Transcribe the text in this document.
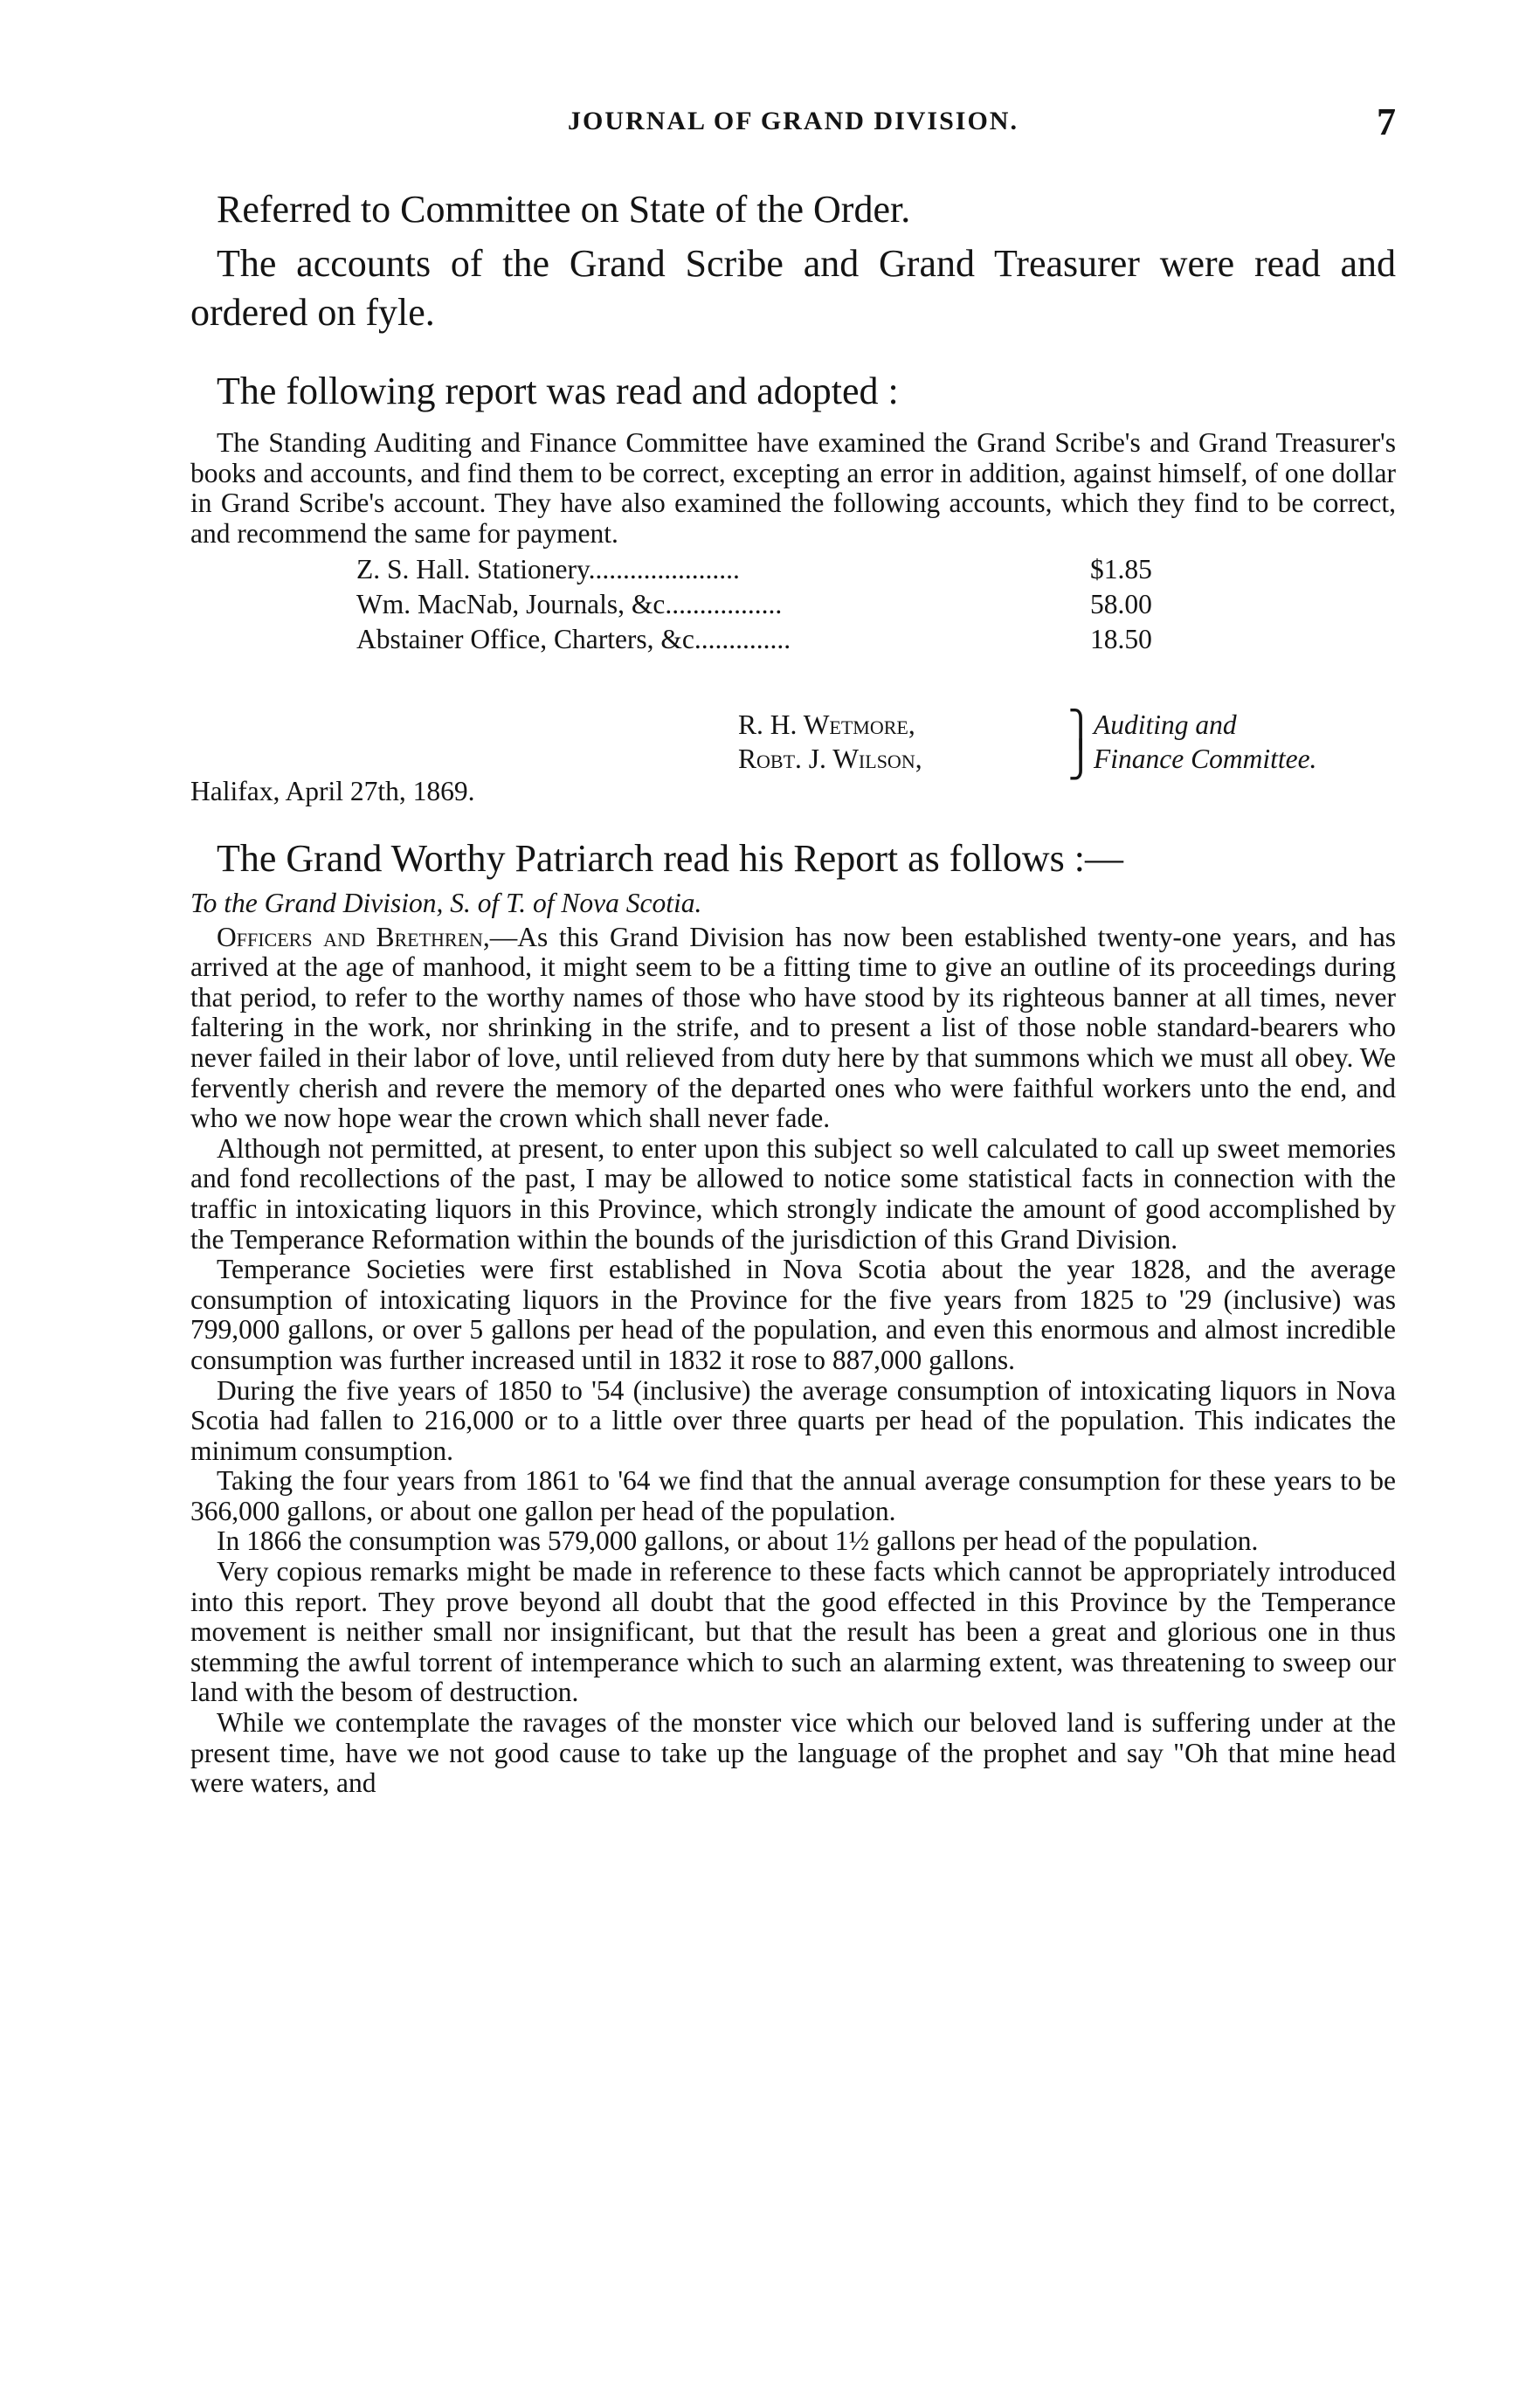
JOURNAL OF GRAND DIVISION.	7

Referred to Committee on State of the Order.

The accounts of the Grand Scribe and Grand Treasurer were read and ordered on fyle.

The following report was read and adopted :

The Standing Auditing and Finance Committee have examined the Grand Scribe's and Grand Treasurer's books and accounts, and find them to be correct, excepting an error in addition, against himself, of one dollar in Grand Scribe's account. They have also examined the following accounts, which they find to be correct, and recommend the same for payment.

Z. S. Hall. Stationery......................	$1.85
Wm. MacNab, Journals, &c.................	58.00
Abstainer Office, Charters, &c..............	18.50
R. H. Wetmore,
Robt. J. Wilson,
⎫
⎭
Auditing and
Finance Committee.
Halifax, April 27th, 1869.

The Grand Worthy Patriarch read his Report as follows :—

To the Grand Division, S. of T. of Nova Scotia.

Officers and Brethren,—As this Grand Division has now been established twenty-one years, and has arrived at the age of manhood, it might seem to be a fitting time to give an outline of its proceedings during that period, to refer to the worthy names of those who have stood by its righteous banner at all times, never faltering in the work, nor shrinking in the strife, and to present a list of those noble standard-bearers who never failed in their labor of love, until relieved from duty here by that summons which we must all obey. We fervently cherish and revere the memory of the departed ones who were faithful workers unto the end, and who we now hope wear the crown which shall never fade.

Although not permitted, at present, to enter upon this subject so well calculated to call up sweet memories and fond recollections of the past, I may be allowed to notice some statistical facts in connection with the traffic in intoxicating liquors in this Province, which strongly indicate the amount of good accomplished by the Temperance Reformation within the bounds of the jurisdiction of this Grand Division.

Temperance Societies were first established in Nova Scotia about the year 1828, and the average consumption of intoxicating liquors in the Province for the five years from 1825 to '29 (inclusive) was 799,000 gallons, or over 5 gallons per head of the population, and even this enormous and almost incredible consumption was further increased until in 1832 it rose to 887,000 gallons.

During the five years of 1850 to '54 (inclusive) the average consumption of intoxicating liquors in Nova Scotia had fallen to 216,000 or to a little over three quarts per head of the population. This indicates the minimum consumption.

Taking the four years from 1861 to '64 we find that the annual average consumption for these years to be 366,000 gallons, or about one gallon per head of the population.

In 1866 the consumption was 579,000 gallons, or about 1½ gallons per head of the population.

Very copious remarks might be made in reference to these facts which cannot be appropriately introduced into this report. They prove beyond all doubt that the good effected in this Province by the Temperance movement is neither small nor insignificant, but that the result has been a great and glorious one in thus stemming the awful torrent of intemperance which to such an alarming extent, was threatening to sweep our land with the besom of destruction.

While we contemplate the ravages of the monster vice which our beloved land is suffering under at the present time, have we not good cause to take up the language of the prophet and say "Oh that mine head were waters, and
